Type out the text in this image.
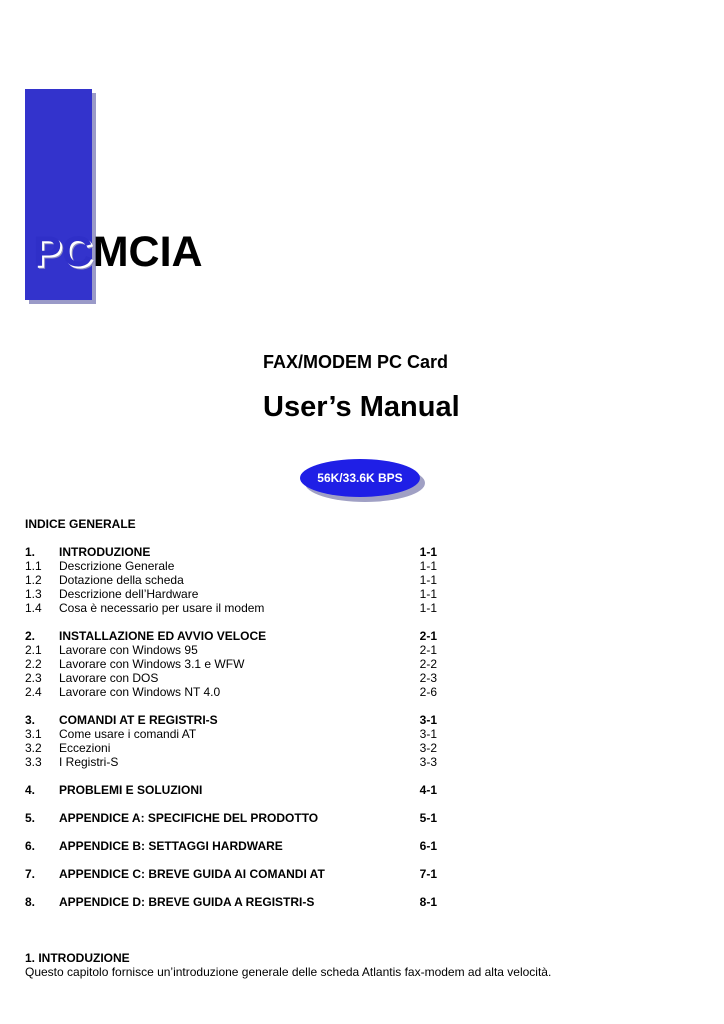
PCMCIA
FAX/MODEM PC Card
User’s Manual
56K/33.6K BPS
INDICE GENERALE
1. INTRODUZIONE	1-1
1.1 Descrizione Generale	1-1
1.2 Dotazione della scheda	1-1
1.3 Descrizione dell’Hardware	1-1
1.4 Cosa è necessario per usare il modem	1-1
2. INSTALLAZIONE ED AVVIO VELOCE	2-1
2.1 Lavorare con Windows 95	2-1
2.2 Lavorare con Windows 3.1 e WFW	2-2
2.3 Lavorare con DOS	2-3
2.4 Lavorare con Windows NT 4.0	2-6
3. COMANDI AT E REGISTRI-S	3-1
3.1 Come usare i comandi AT	3-1
3.2 Eccezioni	3-2
3.3 I Registri-S	3-3
4. PROBLEMI E SOLUZIONI	4-1
5. APPENDICE A: SPECIFICHE DEL PRODOTTO	5-1
6. APPENDICE B: SETTAGGI HARDWARE	6-1
7. APPENDICE C: BREVE GUIDA AI COMANDI AT	7-1
8. APPENDICE D: BREVE GUIDA A REGISTRI-S	8-1
1. INTRODUZIONE
Questo capitolo fornisce un’introduzione generale delle scheda Atlantis fax-modem ad alta velocità.
